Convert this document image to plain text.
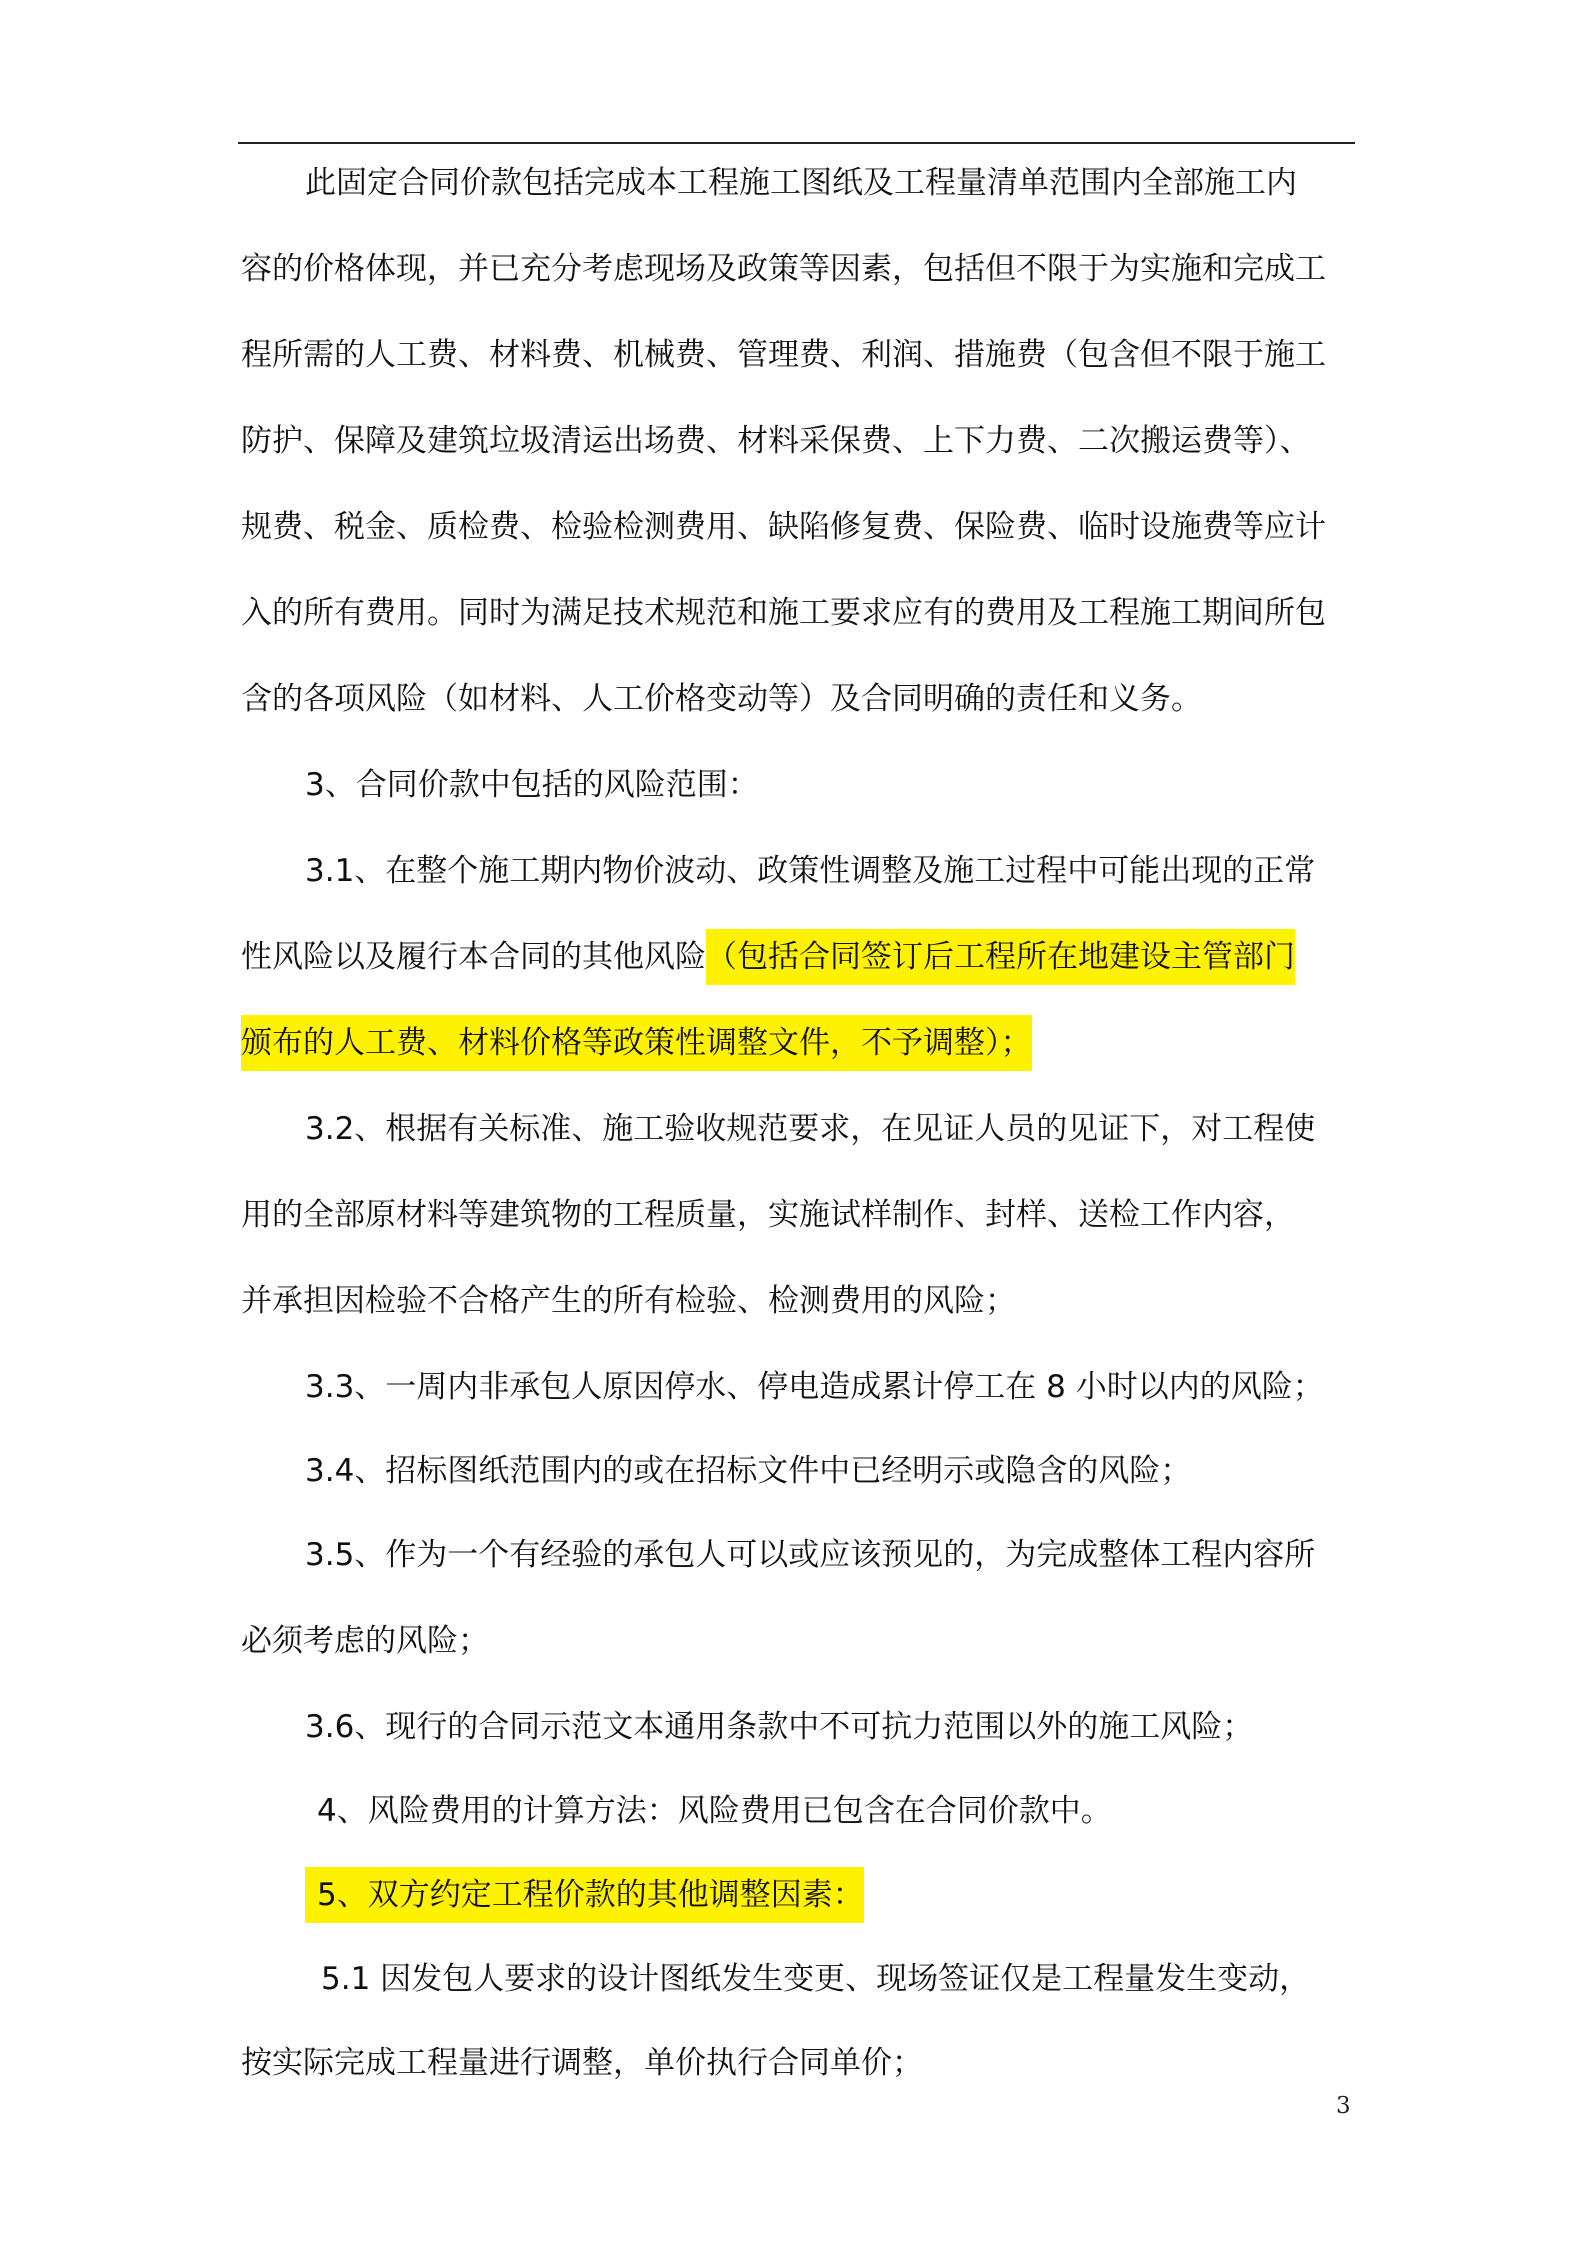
此固定合同价款包括完成本工程施工图纸及工程量清单范围内全部施工内
容的价格体现，并已充分考虑现场及政策等因素，包括但不限于为实施和完成工
程所需的人工费、材料费、机械费、管理费、利润、措施费（包含但不限于施工
防护、保障及建筑垃圾清运出场费、材料采保费、上下力费、二次搬运费等）、
规费、税金、质检费、检验检测费用、缺陷修复费、保险费、临时设施费等应计
入的所有费用。同时为满足技术规范和施工要求应有的费用及工程施工期间所包
含的各项风险（如材料、人工价格变动等）及合同明确的责任和义务。
3、合同价款中包括的风险范围：
3.1、在整个施工期内物价波动、政策性调整及施工过程中可能出现的正常
性风险以及履行本合同的其他风险（包括合同签订后工程所在地建设主管部门
颁布的人工费、材料价格等政策性调整文件，不予调整）；
3.2、根据有关标准、施工验收规范要求，在见证人员的见证下，对工程使
用的全部原材料等建筑物的工程质量，实施试样制作、封样、送检工作内容，
并承担因检验不合格产生的所有检验、检测费用的风险；
3.3、一周内非承包人原因停水、停电造成累计停工在 8 小时以内的风险；
3.4、招标图纸范围内的或在招标文件中已经明示或隐含的风险；
3.5、作为一个有经验的承包人可以或应该预见的，为完成整体工程内容所
必须考虑的风险；
3.6、现行的合同示范文本通用条款中不可抗力范围以外的施工风险；
4、风险费用的计算方法：风险费用已包含在合同价款中。
5、双方约定工程价款的其他调整因素：
5.1 因发包人要求的设计图纸发生变更、现场签证仅是工程量发生变动，
按实际完成工程量进行调整，单价执行合同单价；
3
